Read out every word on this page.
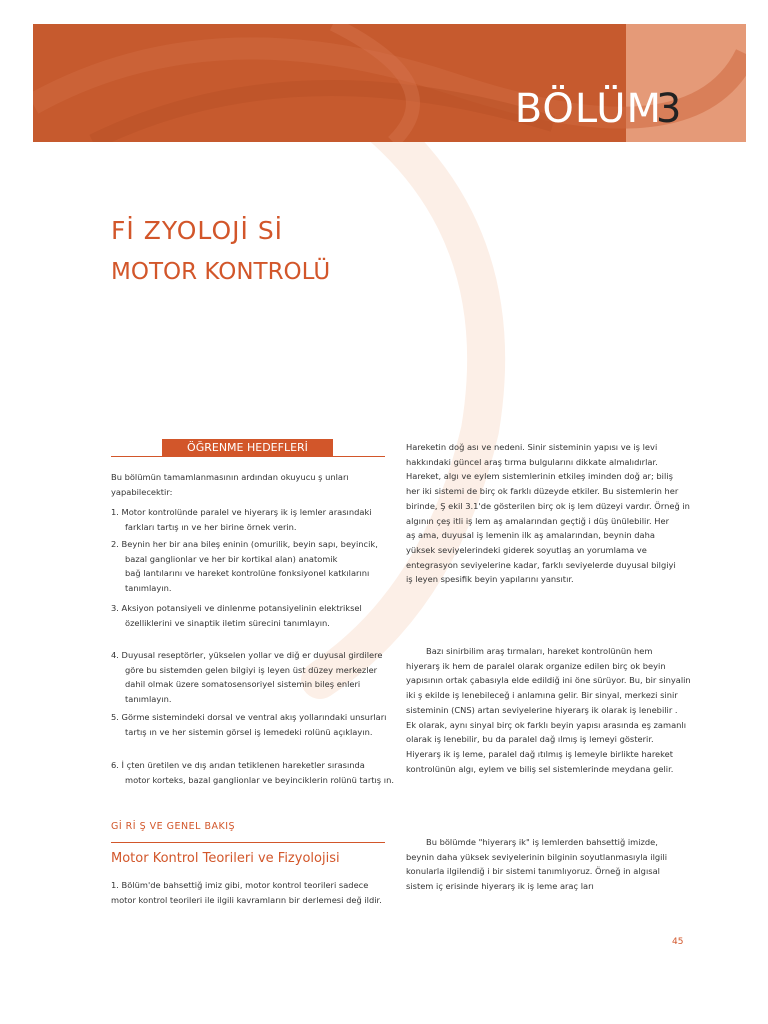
BÖLÜM
3
Fİ ZYOLOJİ Sİ
MOTOR KONTROLÜ
ÖĞRENME HEDEFLERİ
Bu bölümün tamamlanmasının ardından okuyucu ş unları yapabilecektir:
1. Motor kontrolünde paralel ve hiyerarş ik iş lemler arasındaki
farkları tartış ın ve her birine örnek verin.
2. Beynin her bir ana bileş eninin (omurilik, beyin sapı, beyincik,
bazal ganglionlar ve her bir kortikal alan) anatomik
bağ lantılarını ve hareket kontrolüne fonksiyonel katkılarını
tanımlayın.
3. Aksiyon potansiyeli ve dinlenme potansiyelinin elektriksel
özelliklerini ve sinaptik iletim sürecini tanımlayın.
4. Duyusal reseptörler, yükselen yollar ve diğ er duyusal girdilere
göre bu sistemden gelen bilgiyi iş leyen üst düzey merkezler
dahil olmak üzere somatosensoriyel sistemin bileş enleri
tanımlayın.
5. Görme sistemindeki dorsal ve ventral akış yollarındaki unsurları
tartış ın ve her sistemin görsel iş lemedeki rolünü açıklayın.
6. İ çten üretilen ve dış arıdan tetiklenen hareketler sırasında
motor korteks, bazal ganglionlar ve beyinciklerin rolünü tartış ın.
Hareketin doğ ası ve nedeni. Sinir sisteminin yapısı ve iş levi
hakkındaki güncel araş tırma bulgularını dikkate almalıdırlar.
Hareket, algı ve eylem sistemlerinin etkileş iminden doğ ar; biliş
her iki sistemi de birç ok farklı düzeyde etkiler. Bu sistemlerin her
birinde, Ş ekil 3.1'de gösterilen birç ok iş lem düzeyi vardır. Örneğ in
algının çeş itli iş lem aş amalarından geçtiğ i düş ünülebilir. Her
aş ama, duyusal iş lemenin ilk aş amalarından, beynin daha
yüksek seviyelerindeki giderek soyutlaş an yorumlama ve
entegrasyon seviyelerine kadar, farklı seviyelerde duyusal bilgiyi
iş leyen spesifik beyin yapılarını yansıtır.
Bazı sinirbilim araş tırmaları, hareket kontrolünün hem
hiyerarş ik hem de paralel olarak organize edilen birç ok beyin
yapısının ortak çabasıyla elde edildiğ ini öne sürüyor. Bu, bir sinyalin
iki ş ekilde iş lenebileceğ i anlamına gelir. Bir sinyal, merkezi sinir
sisteminin (CNS) artan seviyelerine hiyerarş ik olarak iş lenebilir .
Ek olarak, aynı sinyal birç ok farklı beyin yapısı arasında eş zamanlı
olarak iş lenebilir, bu da paralel dağ ılmış iş lemeyi gösterir.
Hiyerarş ik iş leme, paralel dağ ıtılmış iş lemeyle birlikte hareket
kontrolünün algı, eylem ve biliş sel sistemlerinde meydana gelir.
Bu bölümde "hiyerarş ik" iş lemlerden bahsettiğ imizde,
beynin daha yüksek seviyelerinin bilginin soyutlanmasıyla ilgili
konularla ilgilendiğ i bir sistemi tanımlıyoruz. Örneğ in algısal
sistem iç erisinde hiyerarş ik iş leme araç ları
Gİ Rİ Ş VE GENEL BAKIŞ
Motor Kontrol Teorileri ve Fizyolojisi
1. Bölüm'de bahsettiğ imiz gibi, motor kontrol teorileri sadece
motor kontrol teorileri ile ilgili kavramların bir derlemesi değ ildir.
45
